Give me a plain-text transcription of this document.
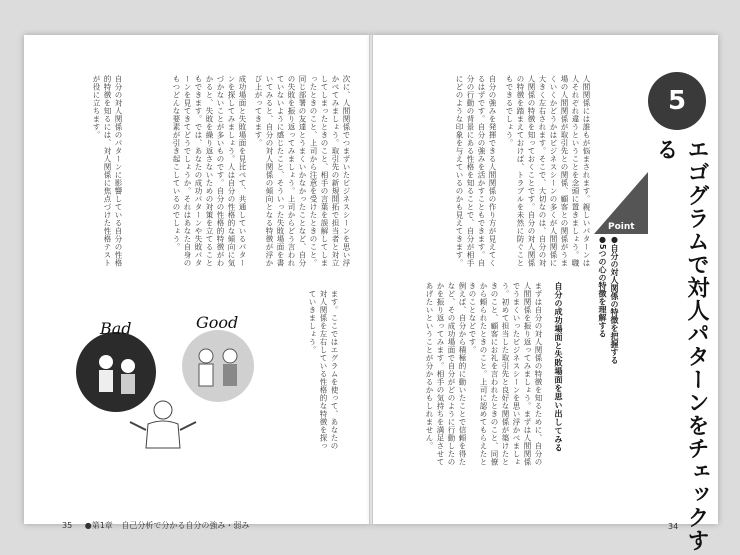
次に、人間関係でつまずいたビジネスシーンを思い浮かべてみましょう。取引先の新規開拓で担当者と対立してしまったときのこと、相手の言葉を誤解してしまったときのこと、上司から注意を受けたときのこと。同じ部署の友達とうまくいかなかったことなど、自分の失敗を振り返ってみましょう。上司からどう言われていないように感じたこと、そういった失敗場面を書いてみると、自分の対人関係の傾向となる特徴が浮かび上がってきます。
成功場面と失敗場面を見比べて、共通しているパターンを探してみましょう。人は自分の性格的な傾向に気づかないことが多いものです。自分の性格的特徴がわかると、失敗を繰り返さないための対策を立てることもできます。では、あなたの成功パターンや失敗パターンを見てきてどうでしょうか。それはあなた自身のもつどんな要素が引き起こしているのでしょう。
自分の対人関係のパターンに影響している自分の性格的特徴を知るには、対人関係に焦点づけた性格テストが役に立ちます。
ます。ここではエグラムを使って、あなたの対人関係を左右している性格的な特徴を探っていきましょう。
Bad	Good
35 ●第1章 自己分析で分かる自分の強み・弱み
5
エゴグラムで対人パターンをチェックする
Point
●自分の対人関係の特徴を把握する
●5つの心の特徴を理解する
人間関係には誰もが悩まされます。親しいパターンは人それぞれ違うということを念頭に置きましょう。職場の人間関係が取引先との関係、顧客との関係がうまくいくかどうかはビジネスシーンの多くが人間関係に大きく左右されます。そこで、大切なのは、自分の対人関係の特徴を知っておくことです。自分の対人関係の特徴を踏まえておけば、トラブルを未然に防ぐこともできるでしょう。
自分の強みを発揮できる人間関係の作り方が見えてくるはずです。自分の強みを活かすこともできます。自分の行動の背景にある性格を知ることで、自分が相手にどのような印象を与えているのかも見えてきます。
自分の成功場面と失敗場面を思い出してみる
まずは自分の対人関係の特徴を知るために、自分の人間関係を振り返ってみましょう。まずは人間関係でうまくいったビジネスシーンを思い浮かべましょう。初めて担当した取引先と良好な関係が築けたときのこと、顧客にお礼を言われたときのこと、同僚から頼られたときのこと。上司に認めてもらえたときのことなどです。
例えば、自分から積極的に動いたことで信頼を得たなど、その成功場面で自分がどのように行動したのかを振り返ってみます。相手の気持ちを満足させてあげたいということが分かるかもしれません。
34
